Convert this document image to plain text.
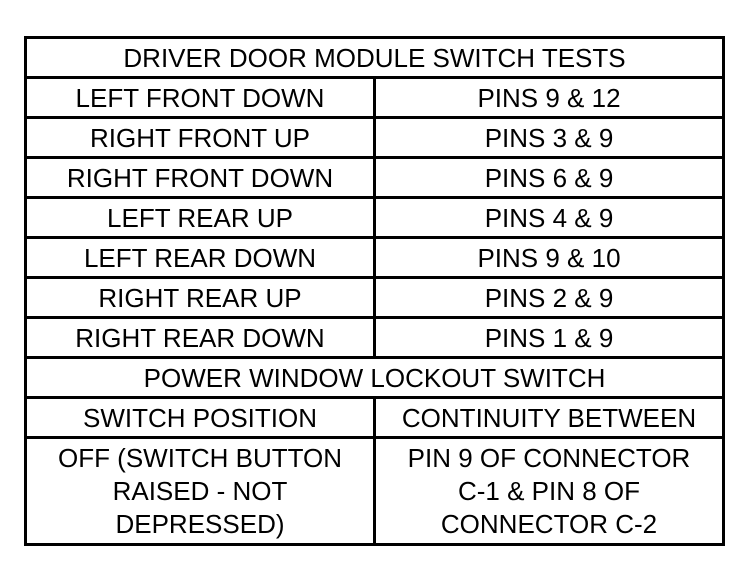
DRIVER DOOR MODULE SWITCH TESTS	
LEFT FRONT DOWN	PINS 9 & 12
RIGHT FRONT UP	PINS 3 & 9
RIGHT FRONT DOWN	PINS 6 & 9
LEFT REAR UP	PINS 4 & 9
LEFT REAR DOWN	PINS 9 & 10
RIGHT REAR UP	PINS 2 & 9
RIGHT REAR DOWN	PINS 1 & 9
POWER WINDOW LOCKOUT SWITCH	
SWITCH POSITION	CONTINUITY BETWEEN

OFF (SWITCH BUTTON
RAISED - NOT
DEPRESSED)	PIN 9 OF CONNECTOR
C-1 & PIN 8 OF
CONNECTOR C-2
